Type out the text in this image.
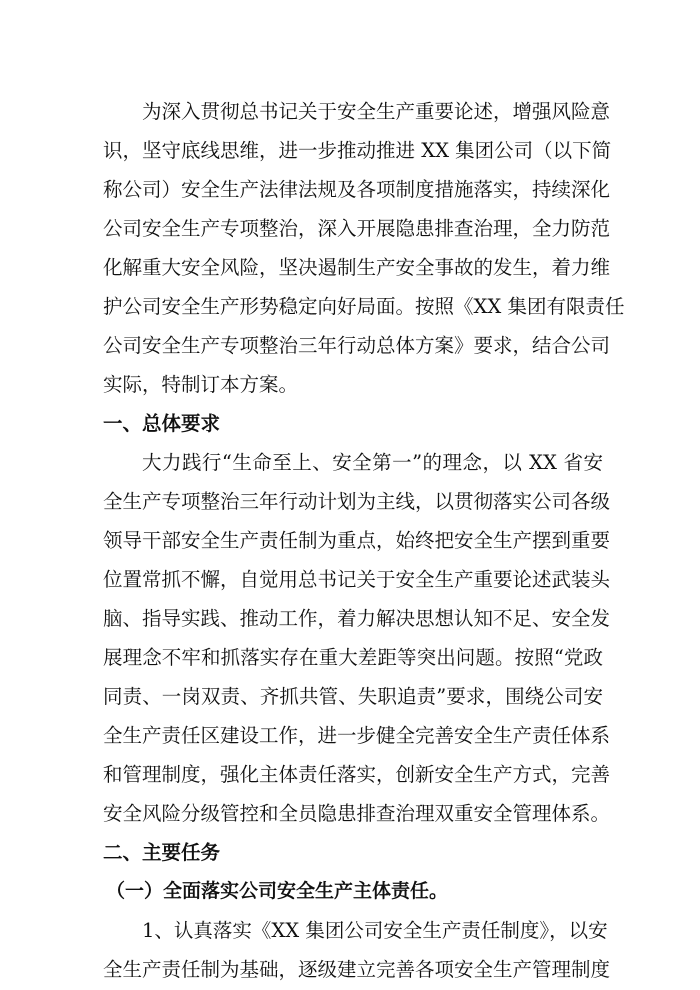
为深入贯彻总书记关于安全生产重要论述，增强风险意
识，坚守底线思维，进一步推动推进 XX 集团公司（以下简
称公司）安全生产法律法规及各项制度措施落实，持续深化
公司安全生产专项整治，深入开展隐患排查治理，全力防范
化解重大安全风险，坚决遏制生产安全事故的发生，着力维
护公司安全生产形势稳定向好局面。按照《XX 集团有限责任
公司安全生产专项整治三年行动总体方案》要求，结合公司
实际，特制订本方案。
一、总体要求
大力践行“生命至上、安全第一”的理念，以 XX 省安
全生产专项整治三年行动计划为主线，以贯彻落实公司各级
领导干部安全生产责任制为重点，始终把安全生产摆到重要
位置常抓不懈，自觉用总书记关于安全生产重要论述武装头
脑、指导实践、推动工作，着力解决思想认知不足、安全发
展理念不牢和抓落实存在重大差距等突出问题。按照“党政
同责、一岗双责、齐抓共管、失职追责”要求，围绕公司安
全生产责任区建设工作，进一步健全完善安全生产责任体系
和管理制度，强化主体责任落实，创新安全生产方式，完善
安全风险分级管控和全员隐患排查治理双重安全管理体系。
二、主要任务
（一）全面落实公司安全生产主体责任。
1、认真落实《XX 集团公司安全生产责任制度》，以安
全生产责任制为基础，逐级建立完善各项安全生产管理制度
